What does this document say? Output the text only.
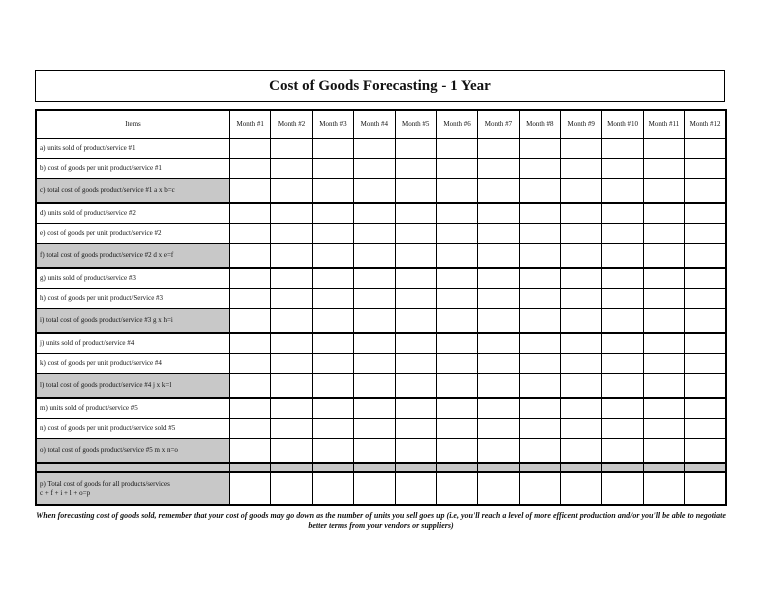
Cost of Goods Forecasting - 1 Year
Items	Month #1	Month #2	Month #3	Month #4	Month #5	Month #6	Month #7	Month #8	Month #9	Month #10	Month #11	Month #12
a) units sold of product/service #1												
b) cost of goods per unit product/service #1												
c) total cost of goods product/service #1 a x b=c												
d) units sold of product/service #2												
e) cost of goods per unit product/service #2												
f) total cost of goods product/service #2 d x e=f												
g) units sold of product/service #3												
h) cost of goods per unit product/Service #3												
i) total cost of goods product/service #3 g x h=i												
j) units sold of product/service #4												
k) cost of goods per unit product/service #4												
l) total cost of goods product/service #4 j x k=l												
m) units sold of product/service #5												
n) cost of goods per unit product/service sold #5												
o) total cost of goods product/service #5 m x n=o												

p) Total cost of goods for all products/services
c + f + i + l + o=p												
When forecasting cost of goods sold, remember that your cost of goods may go down as the number of units you sell goes up (i.e, you'll reach a level of more efficent production and/or you'll be able to negotiate better terms from your vendors or suppliers)
